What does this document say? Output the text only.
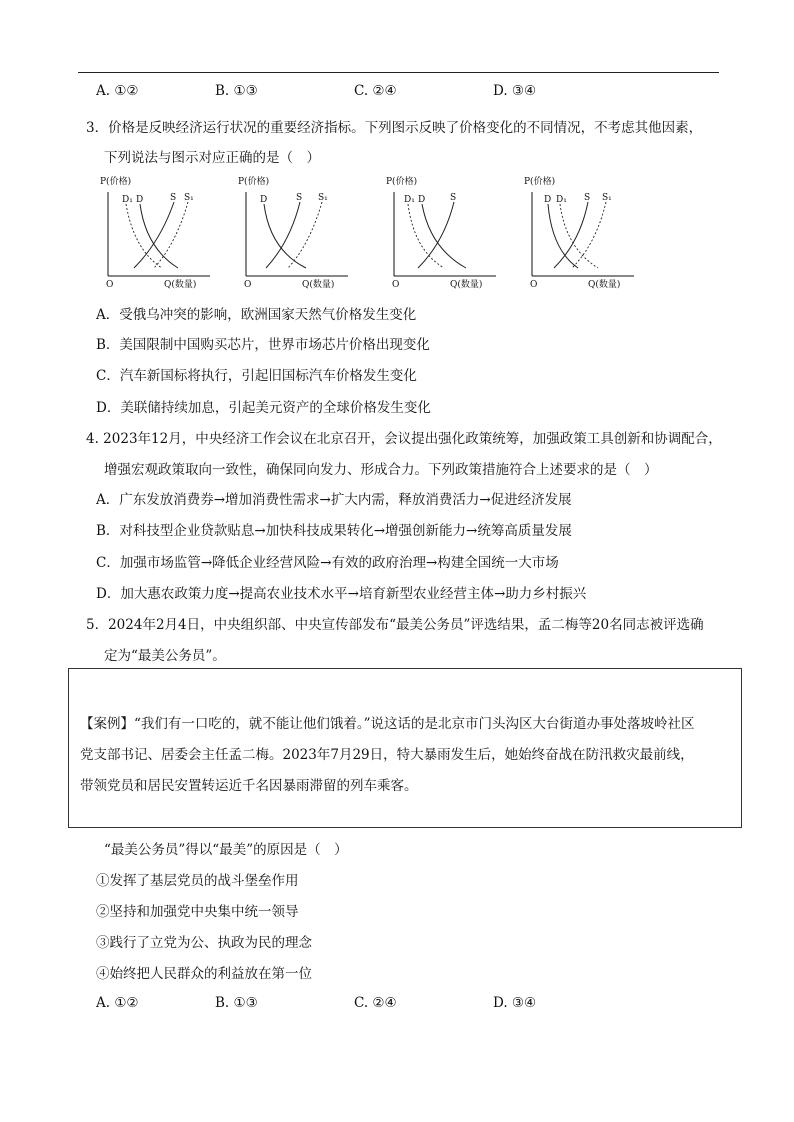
A. ①②	B. ①③	C. ②④	D. ③④
3．价格是反映经济运行状况的重要经济指标。下列图示反映了价格变化的不同情况，不考虑其他因素，
下列说法与图示对应正确的是（　）
P(价格)
O	Q(数量)
D₁ D	S S₁
P(价格)
O	Q(数量)
D	S S₁
P(价格)
O	Q(数量)
D₁ D	S
P(价格)
O	Q(数量)
D D₁ S S₁
A．受俄乌冲突的影响，欧洲国家天然气价格发生变化
B．美国限制中国购买芯片，世界市场芯片价格出现变化
C．汽车新国标将执行，引起旧国标汽车价格发生变化
D．美联储持续加息，引起美元资产的全球价格发生变化
4. 2023年12月，中央经济工作会议在北京召开，会议提出强化政策统筹，加强政策工具创新和协调配合，
增强宏观政策取向一致性，确保同向发力、形成合力。下列政策措施符合上述要求的是（　）
A．广东发放消费券→增加消费性需求→扩大内需，释放消费活力→促进经济发展
B．对科技型企业贷款贴息→加快科技成果转化→增强创新能力→统筹高质量发展
C．加强市场监管→降低企业经营风险→有效的政府治理→构建全国统一大市场
D．加大惠农政策力度→提高农业技术水平→培育新型农业经营主体→助力乡村振兴
5．2024年2月4日，中央组织部、中央宣传部发布“最美公务员”评选结果，孟二梅等20名同志被评选确
定为“最美公务员”。
【案例】“我们有一口吃的，就不能让他们饿着。”说这话的是北京市门头沟区大台街道办事处落坡岭社区
党支部书记、居委会主任孟二梅。2023年7月29日，特大暴雨发生后，她始终奋战在防汛救灾最前线，
带领党员和居民安置转运近千名因暴雨滞留的列车乘客。
“最美公务员”得以“最美”的原因是（　）
①发挥了基层党员的战斗堡垒作用
②坚持和加强党中央集中统一领导
③践行了立党为公、执政为民的理念
④始终把人民群众的利益放在第一位
A. ①②	B. ①③	C. ②④	D. ③④
